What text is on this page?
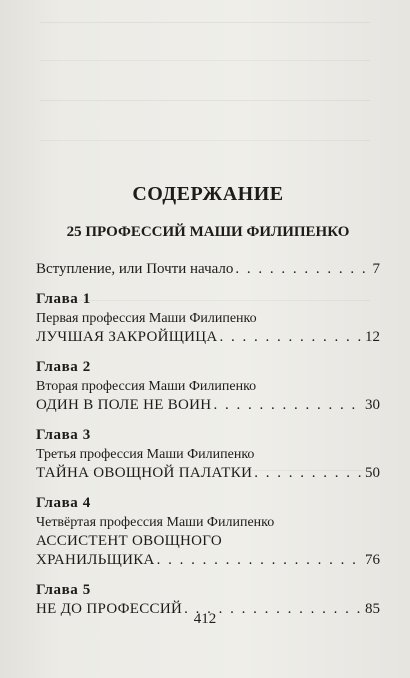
СОДЕРЖАНИЕ
25 ПРОФЕССИЙ МАШИ ФИЛИПЕНКО
Вступление, или Почти начало . . .	7
Глава 1
Первая профессия Маши Филипенко
ЛУЧШАЯ ЗАКРОЙЩИЦА . . .	12
Глава 2
Вторая профессия Маши Филипенко
ОДИН В ПОЛЕ НЕ ВОИН . . .	30
Глава 3
Третья профессия Маши Филипенко
ТАЙНА ОВОЩНОЙ ПАЛАТКИ . . .	50
Глава 4
Четвёртая профессия Маши Филипенко
АССИСТЕНТ ОВОЩНОГО
ХРАНИЛЬЩИКА . . .	76
Глава 5
НЕ ДО ПРОФЕССИЙ . . .	85
412
